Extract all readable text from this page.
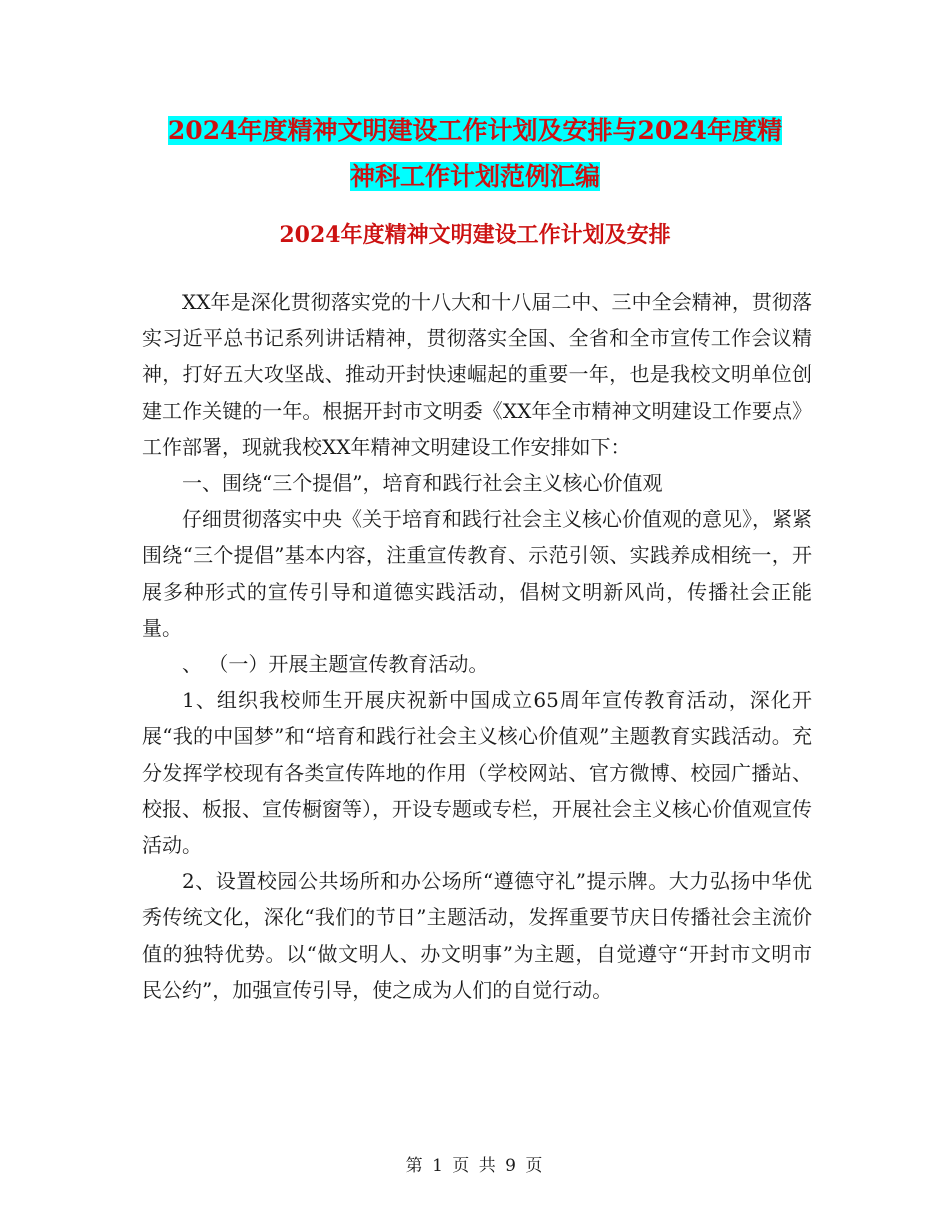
2024年度精神文明建设工作计划及安排与2024年度精
神科工作计划范例汇编
2024年度精神文明建设工作计划及安排

XX年是深化贯彻落实党的十八大和十八届二中、三中全会精神，贯彻落实习近平总书记系列讲话精神，贯彻落实全国、全省和全市宣传工作会议精神，打好五大攻坚战、推动开封快速崛起的重要一年，也是我校文明单位创建工作关键的一年。根据开封市文明委《XX年全市精神文明建设工作要点》工作部署，现就我校XX年精神文明建设工作安排如下：

一、围绕“三个提倡”，培育和践行社会主义核心价值观

仔细贯彻落实中央《关于培育和践行社会主义核心价值观的意见》，紧紧围绕“三个提倡”基本内容，注重宣传教育、示范引领、实践养成相统一，开展多种形式的宣传引导和道德实践活动，倡树文明新风尚，传播社会正能量。

、 （一）开展主题宣传教育活动。

1、组织我校师生开展庆祝新中国成立65周年宣传教育活动，深化开展“我的中国梦”和“培育和践行社会主义核心价值观”主题教育实践活动。充分发挥学校现有各类宣传阵地的作用（学校网站、官方微博、校园广播站、校报、板报、宣传橱窗等），开设专题或专栏，开展社会主义核心价值观宣传活动。

2、设置校园公共场所和办公场所“遵德守礼”提示牌。大力弘扬中华优秀传统文化，深化“我们的节日”主题活动，发挥重要节庆日传播社会主流价值的独特优势。以“做文明人、办文明事”为主题，自觉遵守“开封市文明市民公约”，加强宣传引导，使之成为人们的自觉行动。

第 1 页 共 9 页
